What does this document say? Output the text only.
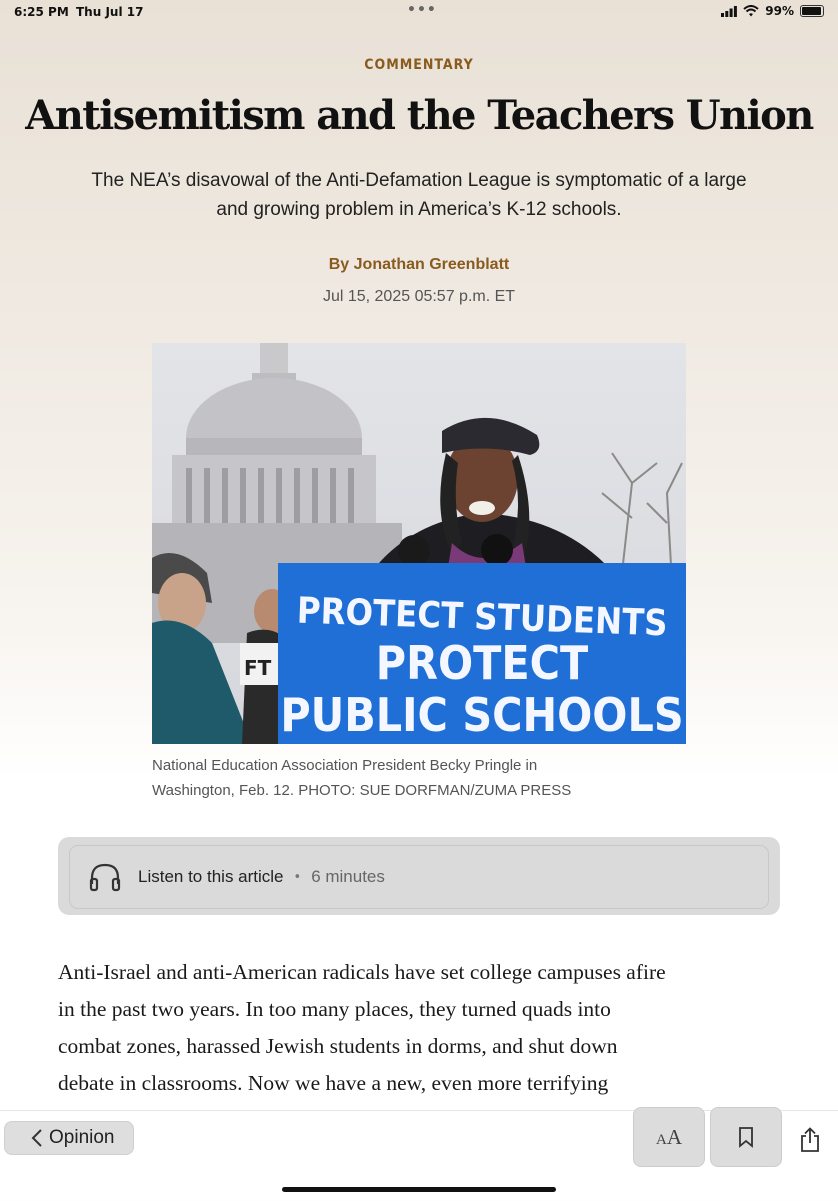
6:25 PM Thu Jul 17	•••	99%
COMMENTARY
Antisemitism and the Teachers Union
The NEA’s disavowal of the Anti-Defamation League is symptomatic of a large
and growing problem in America’s K-12 schools.
By Jonathan Greenblatt
Jul 15, 2025 05:57 p.m. ET
FT
PROTECT STUDENTS
PROTECT
PUBLIC SCHOOLS
National Education Association President Becky Pringle in
Washington, Feb. 12. PHOTO: SUE DORFMAN/ZUMA PRESS
Listen to this article • 6 minutes
Anti-Israel and anti-American radicals have set college campuses afire
in the past two years. In too many places, they turned quads into
combat zones, harassed Jewish students in dorms, and shut down
debate in classrooms. Now we have a new, even more terrifying
Opinion	AA
